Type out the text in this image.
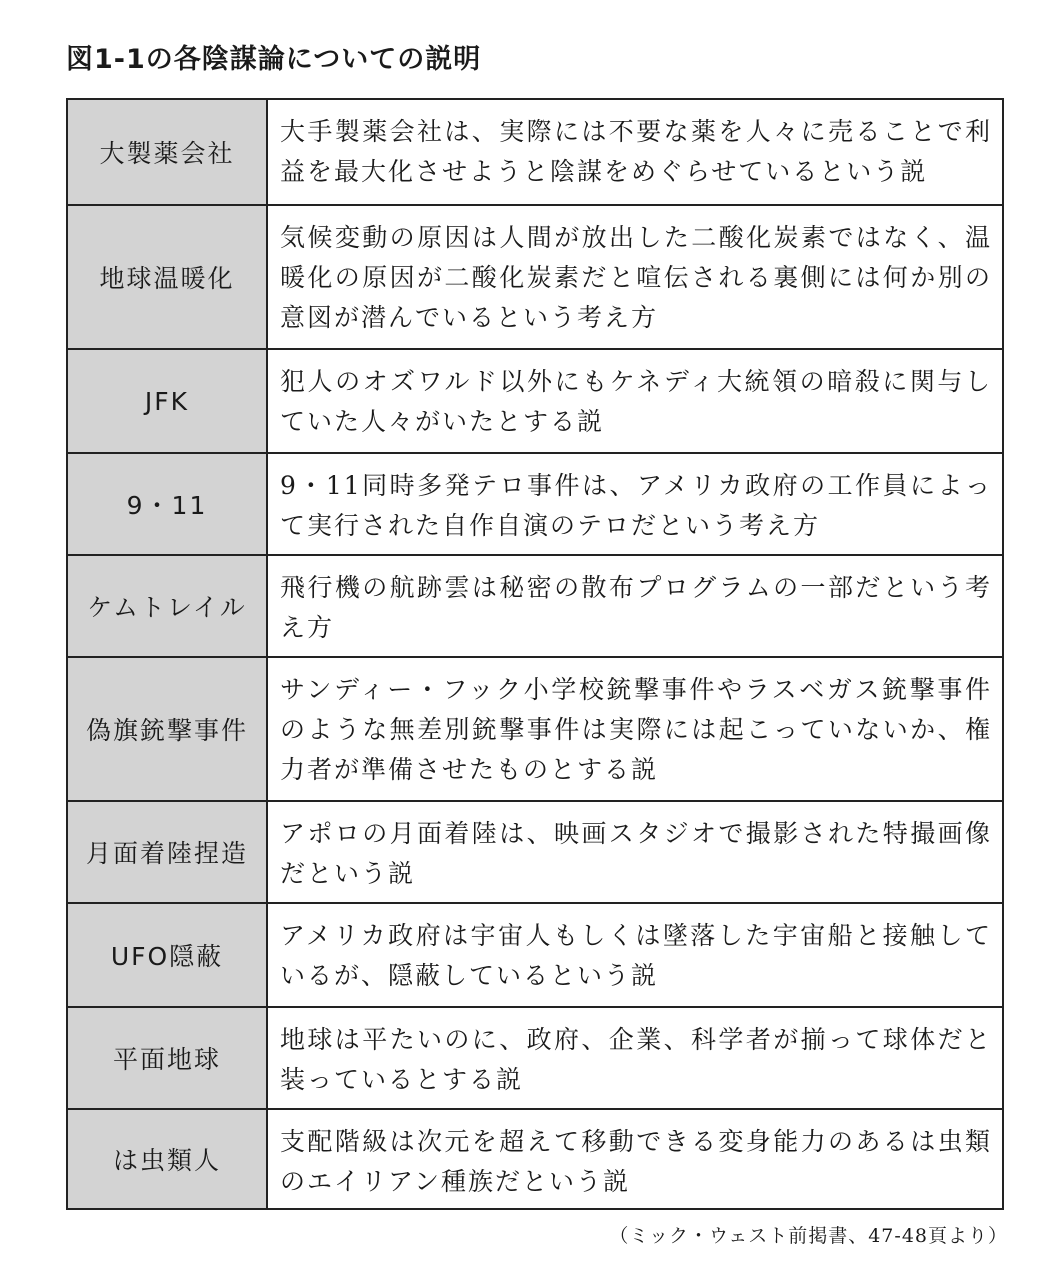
図1-1の各陰謀論についての説明
大製薬会社
大手製薬会社は、実際には不要な薬を人々に売ることで利益を最大化させようと陰謀をめぐらせているという説
地球温暖化
気候変動の原因は人間が放出した二酸化炭素ではなく、温暖化の原因が二酸化炭素だと喧伝される裏側には何か別の意図が潜んでいるという考え方
JFK
犯人のオズワルド以外にもケネディ大統領の暗殺に関与していた人々がいたとする説
9・11
9・11同時多発テロ事件は、アメリカ政府の工作員によって実行された自作自演のテロだという考え方
ケムトレイル
飛行機の航跡雲は秘密の散布プログラムの一部だという考え方
偽旗銃撃事件
サンディー・フック小学校銃撃事件やラスベガス銃撃事件のような無差別銃撃事件は実際には起こっていないか、権力者が準備させたものとする説
月面着陸捏造
アポロの月面着陸は、映画スタジオで撮影された特撮画像だという説
UFO隠蔽
アメリカ政府は宇宙人もしくは墜落した宇宙船と接触しているが、隠蔽しているという説
平面地球
地球は平たいのに、政府、企業、科学者が揃って球体だと装っているとする説
は虫類人
支配階級は次元を超えて移動できる変身能力のあるは虫類のエイリアン種族だという説

（ミック・ウェスト前掲書、47-48頁より）
